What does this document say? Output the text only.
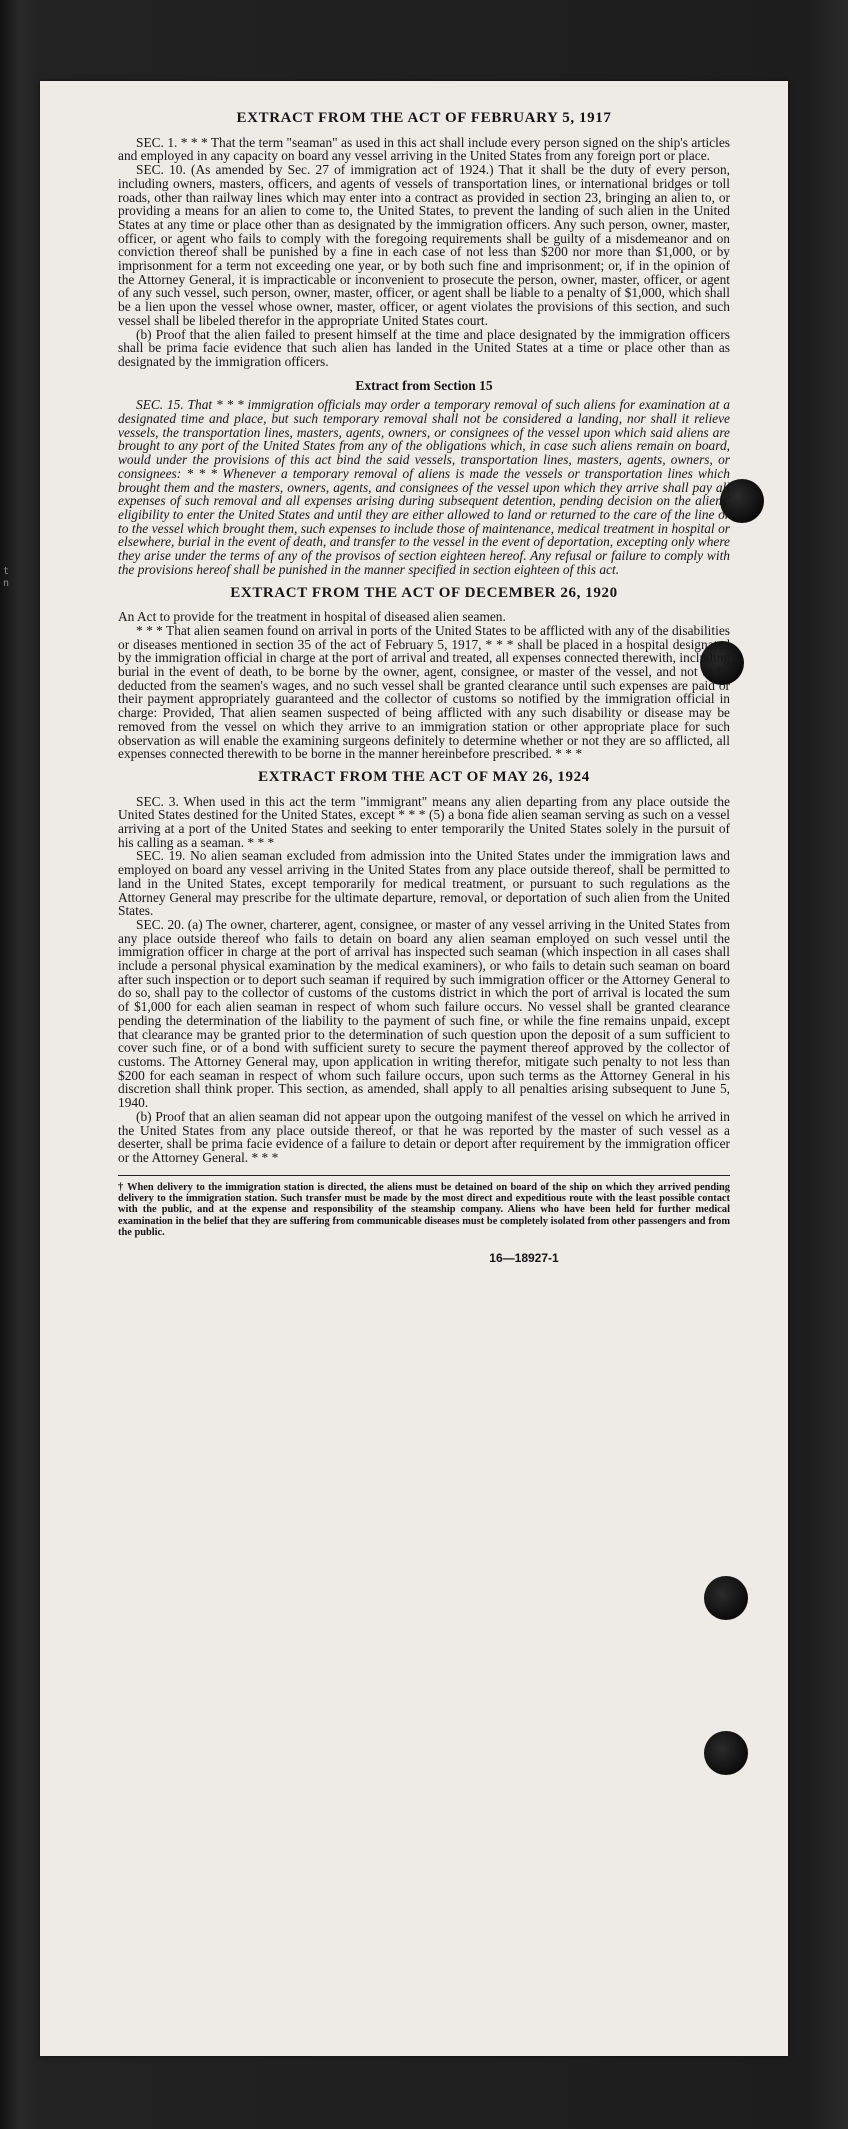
t
n
EXTRACT FROM THE ACT OF FEBRUARY 5, 1917

SEC. 1. * * * That the term "seaman" as used in this act shall include every person signed on the ship's articles and employed in any capacity on board any vessel arriving in the United States from any foreign port or place.

SEC. 10. (As amended by Sec. 27 of immigration act of 1924.) That it shall be the duty of every person, including owners, masters, officers, and agents of vessels of transportation lines, or international bridges or toll roads, other than railway lines which may enter into a contract as provided in section 23, bringing an alien to, or providing a means for an alien to come to, the United States, to prevent the landing of such alien in the United States at any time or place other than as designated by the immigration officers. Any such person, owner, master, officer, or agent who fails to comply with the foregoing requirements shall be guilty of a misdemeanor and on conviction thereof shall be punished by a fine in each case of not less than $200 nor more than $1,000, or by imprisonment for a term not exceeding one year, or by both such fine and imprisonment; or, if in the opinion of the Attorney General, it is impracticable or inconvenient to prosecute the person, owner, master, officer, or agent of any such vessel, such person, owner, master, officer, or agent shall be liable to a penalty of $1,000, which shall be a lien upon the vessel whose owner, master, officer, or agent violates the provisions of this section, and such vessel shall be libeled therefor in the appropriate United States court.

(b) Proof that the alien failed to present himself at the time and place designated by the immigration officers shall be prima facie evidence that such alien has landed in the United States at a time or place other than as designated by the immigration officers.

Extract from Section 15

SEC. 15. That * * * immigration officials may order a temporary removal of such aliens for examination at a designated time and place, but such temporary removal shall not be considered a landing, nor shall it relieve vessels, the transportation lines, masters, agents, owners, or consignees of the vessel upon which said aliens are brought to any port of the United States from any of the obligations which, in case such aliens remain on board, would under the provisions of this act bind the said vessels, transportation lines, masters, agents, owners, or consignees: * * * Whenever a temporary removal of aliens is made the vessels or transportation lines which brought them and the masters, owners, agents, and consignees of the vessel upon which they arrive shall pay all expenses of such removal and all expenses arising during subsequent detention, pending decision on the aliens' eligibility to enter the United States and until they are either allowed to land or returned to the care of the line or to the vessel which brought them, such expenses to include those of maintenance, medical treatment in hospital or elsewhere, burial in the event of death, and transfer to the vessel in the event of deportation, excepting only where they arise under the terms of any of the provisos of section eighteen hereof. Any refusal or failure to comply with the provisions hereof shall be punished in the manner specified in section eighteen of this act.

EXTRACT FROM THE ACT OF DECEMBER 26, 1920

An Act to provide for the treatment in hospital of diseased alien seamen.

* * * That alien seamen found on arrival in ports of the United States to be afflicted with any of the disabilities or diseases mentioned in section 35 of the act of February 5, 1917, * * * shall be placed in a hospital designated by the immigration official in charge at the port of arrival and treated, all expenses connected therewith, including burial in the event of death, to be borne by the owner, agent, consignee, or master of the vessel, and not to be deducted from the seamen's wages, and no such vessel shall be granted clearance until such expenses are paid or their payment appropriately guaranteed and the collector of customs so notified by the immigration official in charge: Provided, That alien seamen suspected of being afflicted with any such disability or disease may be removed from the vessel on which they arrive to an immigration station or other appropriate place for such observation as will enable the examining surgeons definitely to determine whether or not they are so afflicted, all expenses connected therewith to be borne in the manner hereinbefore prescribed. * * *

EXTRACT FROM THE ACT OF MAY 26, 1924

SEC. 3. When used in this act the term "immigrant" means any alien departing from any place outside the United States destined for the United States, except * * * (5) a bona fide alien seaman serving as such on a vessel arriving at a port of the United States and seeking to enter temporarily the United States solely in the pursuit of his calling as a seaman. * * *

SEC. 19. No alien seaman excluded from admission into the United States under the immigration laws and employed on board any vessel arriving in the United States from any place outside thereof, shall be permitted to land in the United States, except temporarily for medical treatment, or pursuant to such regulations as the Attorney General may prescribe for the ultimate departure, removal, or deportation of such alien from the United States.

SEC. 20. (a) The owner, charterer, agent, consignee, or master of any vessel arriving in the United States from any place outside thereof who fails to detain on board any alien seaman employed on such vessel until the immigration officer in charge at the port of arrival has inspected such seaman (which inspection in all cases shall include a personal physical examination by the medical examiners), or who fails to detain such seaman on board after such inspection or to deport such seaman if required by such immigration officer or the Attorney General to do so, shall pay to the collector of customs of the customs district in which the port of arrival is located the sum of $1,000 for each alien seaman in respect of whom such failure occurs. No vessel shall be granted clearance pending the determination of the liability to the payment of such fine, or while the fine remains unpaid, except that clearance may be granted prior to the determination of such question upon the deposit of a sum sufficient to cover such fine, or of a bond with sufficient surety to secure the payment thereof approved by the collector of customs. The Attorney General may, upon application in writing therefor, mitigate such penalty to not less than $200 for each seaman in respect of whom such failure occurs, upon such terms as the Attorney General in his discretion shall think proper. This section, as amended, shall apply to all penalties arising subsequent to June 5, 1940.

(b) Proof that an alien seaman did not appear upon the outgoing manifest of the vessel on which he arrived in the United States from any place outside thereof, or that he was reported by the master of such vessel as a deserter, shall be prima facie evidence of a failure to detain or deport after requirement by the immigration officer or the Attorney General. * * *

† When delivery to the immigration station is directed, the aliens must be detained on board of the ship on which they arrived pending delivery to the immigration station. Such transfer must be made by the most direct and expeditious route with the least possible contact with the public, and at the expense and responsibility of the steamship company. Aliens who have been held for further medical examination in the belief that they are suffering from communicable diseases must be completely isolated from other passengers and from the public.

16—18927-1
